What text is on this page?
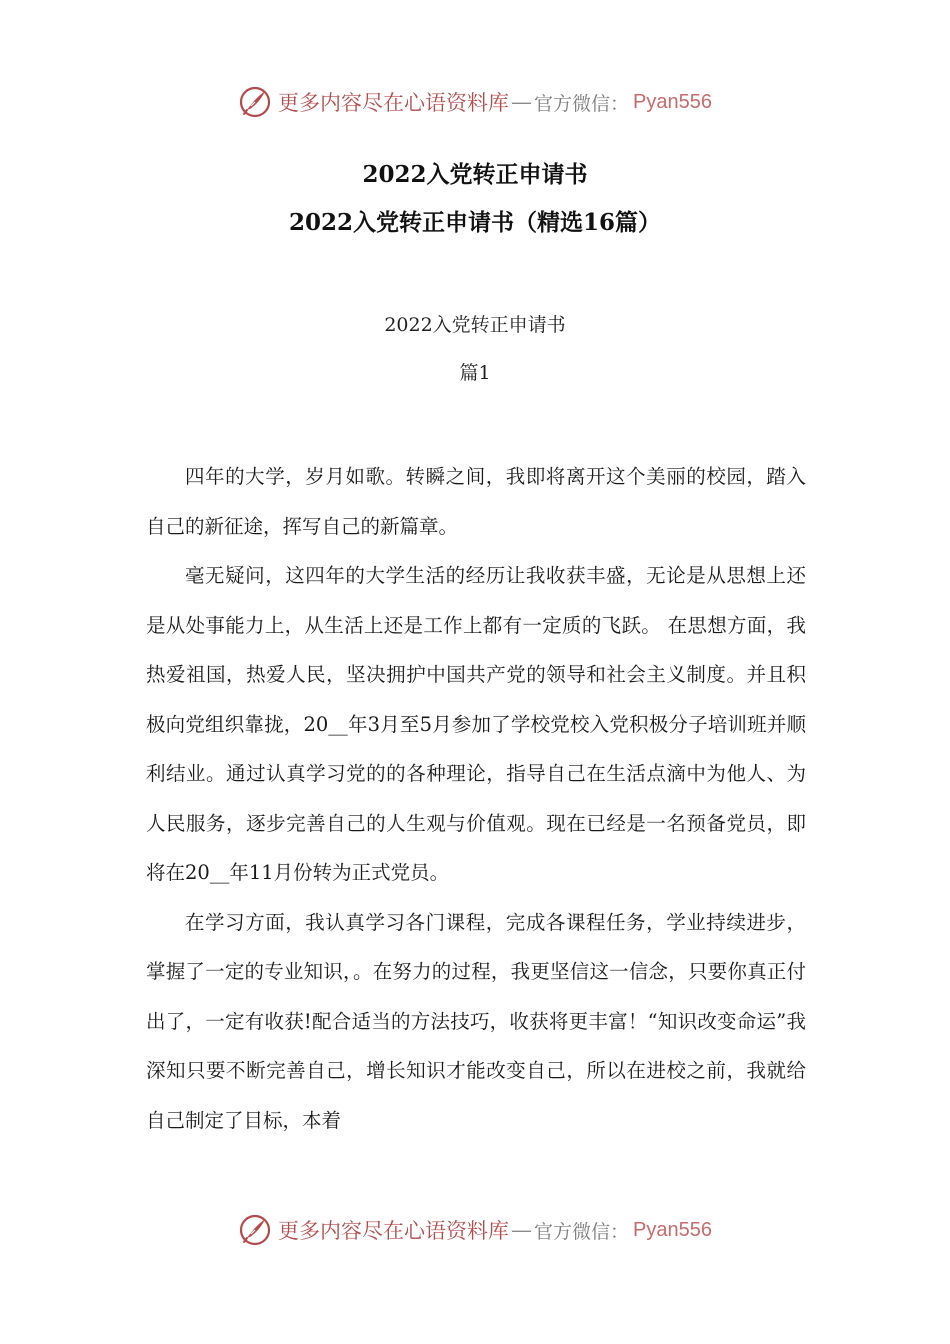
更多内容尽在心语资料库 — 官方微信： Pyan556
2022入党转正申请书
2022入党转正申请书（精选16篇）
2022入党转正申请书
篇1

四年的大学，岁月如歌。转瞬之间，我即将离开这个美丽的校园，踏入自己的新征途，挥写自己的新篇章。

毫无疑问，这四年的大学生活的经历让我收获丰盛，无论是从思想上还是从处事能力上，从生活上还是工作上都有一定质的飞跃。 在思想方面，我热爱祖国，热爱人民，坚决拥护中国共产党的领导和社会主义制度。并且积极向党组织靠拢，20__年3月至5月参加了学校党校入党积极分子培训班并顺利结业。通过认真学习党的的各种理论，指导自己在生活点滴中为他人、为人民服务，逐步完善自己的人生观与价值观。现在已经是一名预备党员，即将在20__年11月份转为正式党员。

在学习方面，我认真学习各门课程，完成各课程任务，学业持续进步，掌握了一定的专业知识，。在努力的过程，我更坚信这一信念，只要你真正付出了，一定有收获!配合适当的方法技巧，收获将更丰富！“知识改变命运”我深知只要不断完善自己，增长知识才能改变自己，所以在进校之前，我就给自己制定了目标，本着

更多内容尽在心语资料库 — 官方微信： Pyan556
